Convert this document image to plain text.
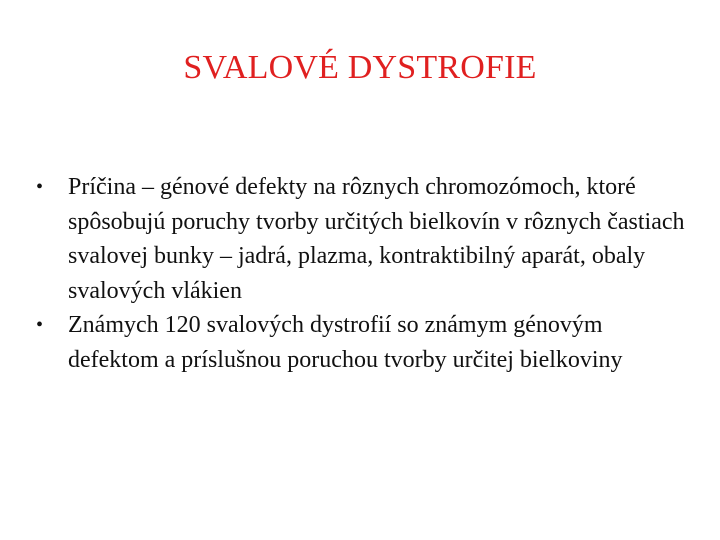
SVALOVÉ DYSTROFIE
•	Príčina – génové defekty na rôznych chromozómoch, ktoré spôsobujú poruchy tvorby určitých bielkovín v rôznych častiach svalovej bunky – jadrá, plazma, kontraktibilný aparát, obaly svalových vlákien
•	Známych 120 svalových dystrofií so známym génovým defektom a príslušnou poruchou tvorby určitej bielkoviny
